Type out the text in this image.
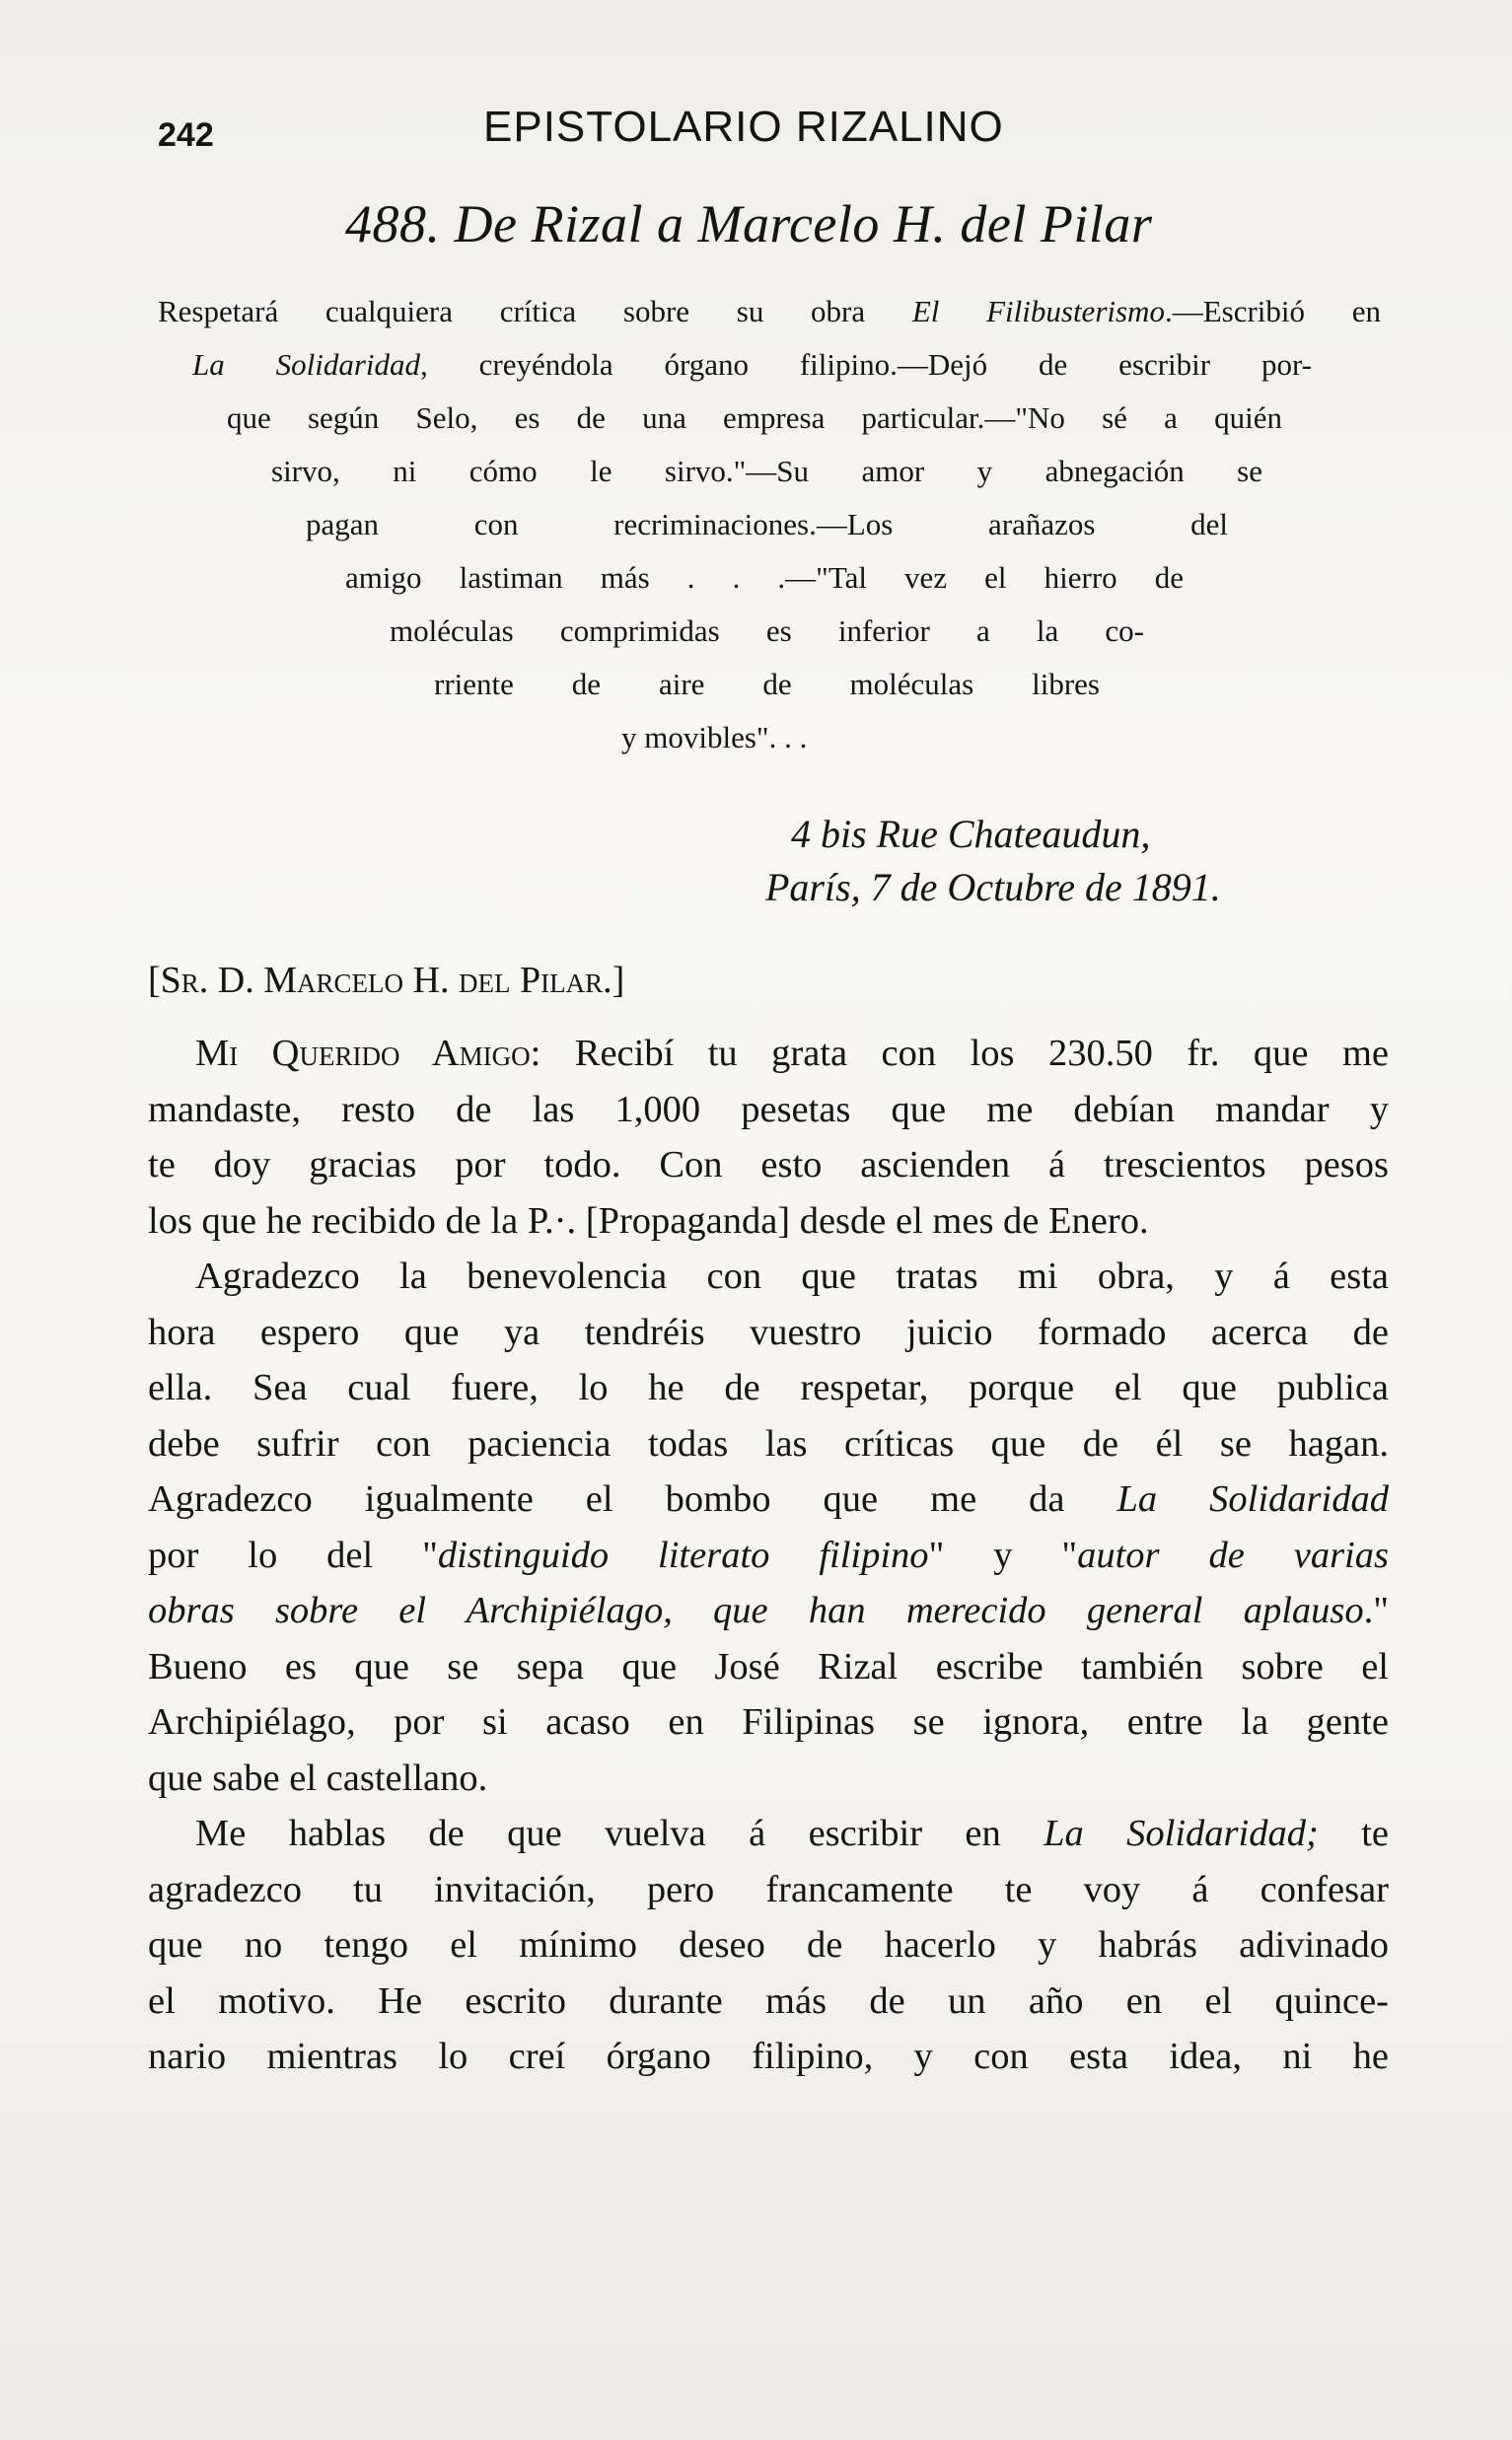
242	EPISTOLARIO RIZALINO
488. De Rizal a Marcelo H. del Pilar
Respetará cualquiera crítica sobre su obra El Filibusterismo.—Escribió en
La Solidaridad, creyéndola órgano filipino.—Dejó de escribir por-
que según Selo, es de una empresa particular.—"No sé a quién
sirvo, ni cómo le sirvo."—Su amor y abnegación se
pagan con recriminaciones.—Los arañazos del
amigo lastiman más . . .—"Tal vez el hierro de
moléculas comprimidas es inferior a la co-
rriente de aire de moléculas libres
y movibles". . .
4 bis Rue Chateaudun,
París, 7 de Octubre de 1891.
[Sr. D. Marcelo H. del Pilar.]
Mi Querido Amigo: Recibí tu grata con los 230.50 fr. que me
mandaste, resto de las 1,000 pesetas que me debían mandar y
te doy gracias por todo. Con esto ascienden á trescientos pesos
los que he recibido de la P.·. [Propaganda] desde el mes de Enero.
Agradezco la benevolencia con que tratas mi obra, y á esta
hora espero que ya tendréis vuestro juicio formado acerca de
ella. Sea cual fuere, lo he de respetar, porque el que publica
debe sufrir con paciencia todas las críticas que de él se hagan.
Agradezco igualmente el bombo que me da La Solidaridad
por lo del "distinguido literato filipino" y "autor de varias
obras sobre el Archipiélago, que han merecido general aplauso."
Bueno es que se sepa que José Rizal escribe también sobre el
Archipiélago, por si acaso en Filipinas se ignora, entre la gente
que sabe el castellano.
Me hablas de que vuelva á escribir en La Solidaridad; te
agradezco tu invitación, pero francamente te voy á confesar
que no tengo el mínimo deseo de hacerlo y habrás adivinado
el motivo. He escrito durante más de un año en el quince-
nario mientras lo creí órgano filipino, y con esta idea, ni he
